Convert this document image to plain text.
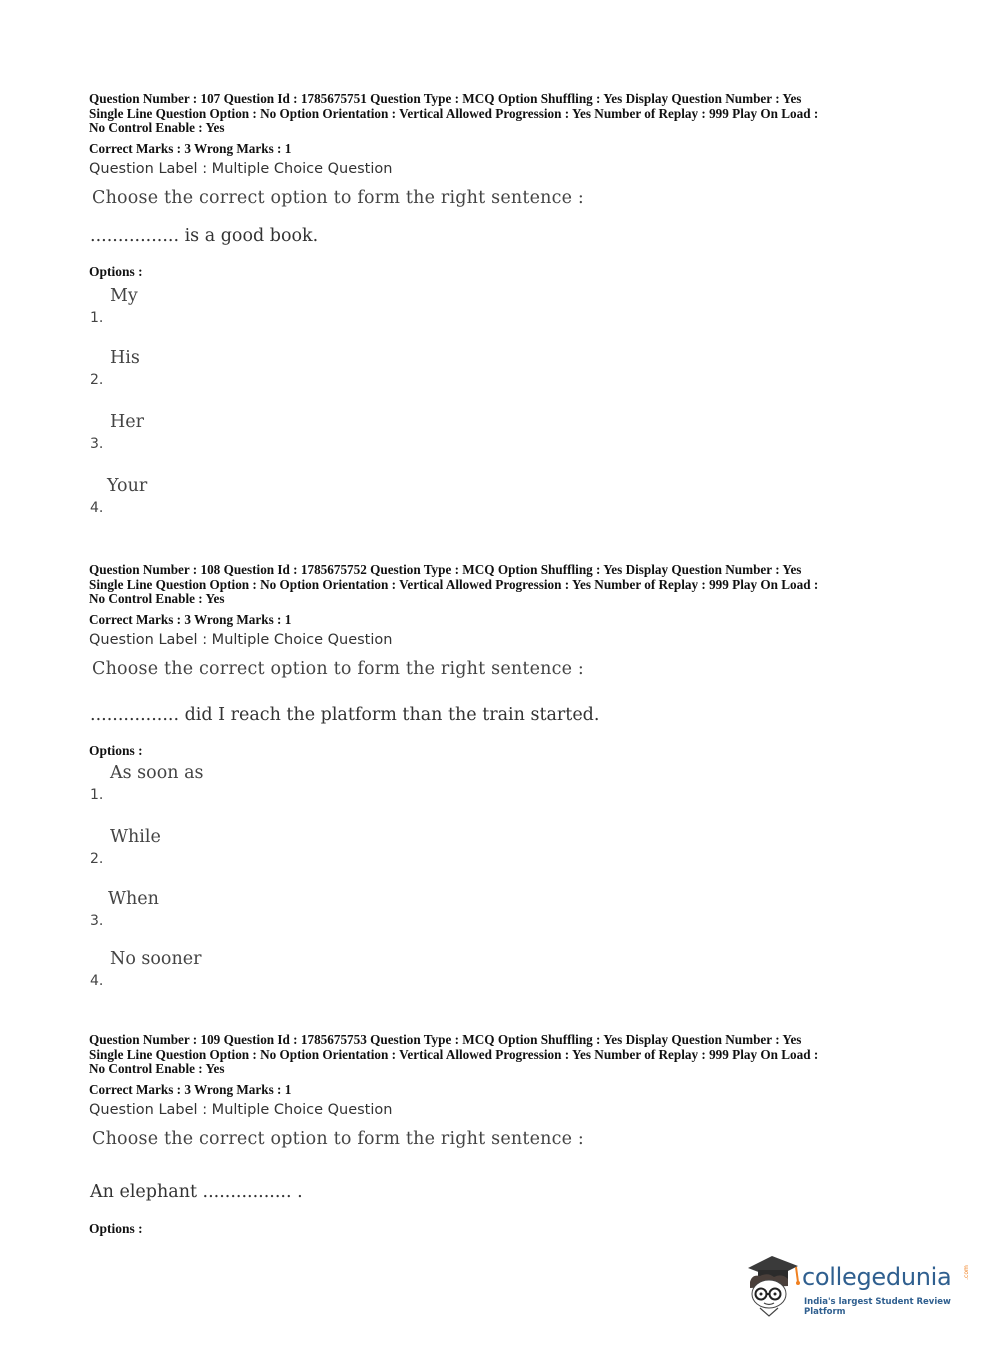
Question Number : 107 Question Id : 1785675751 Question Type : MCQ Option Shuffling : Yes Display Question Number : Yes

Single Line Question Option : No Option Orientation : Vertical Allowed Progression : Yes Number of Replay : 999 Play On Load :

No Control Enable : Yes

Correct Marks : 3 Wrong Marks : 1
Question Label : Multiple Choice Question
Choose the correct option to form the right sentence :
................ is a good book.
Options :
1.
My
2.
His
3.
Her
4.
Your

Question Number : 108 Question Id : 1785675752 Question Type : MCQ Option Shuffling : Yes Display Question Number : Yes

Single Line Question Option : No Option Orientation : Vertical Allowed Progression : Yes Number of Replay : 999 Play On Load :

No Control Enable : Yes

Correct Marks : 3 Wrong Marks : 1
Question Label : Multiple Choice Question
Choose the correct option to form the right sentence :
................ did I reach the platform than the train started.
Options :
1.
As soon as
2.
While
3.
When
4.
No sooner

Question Number : 109 Question Id : 1785675753 Question Type : MCQ Option Shuffling : Yes Display Question Number : Yes

Single Line Question Option : No Option Orientation : Vertical Allowed Progression : Yes Number of Replay : 999 Play On Load :

No Control Enable : Yes

Correct Marks : 3 Wrong Marks : 1
Question Label : Multiple Choice Question
Choose the correct option to form the right sentence :
An elephant ................ .
Options :
collegedunia .com
India's largest Student Review Platform
